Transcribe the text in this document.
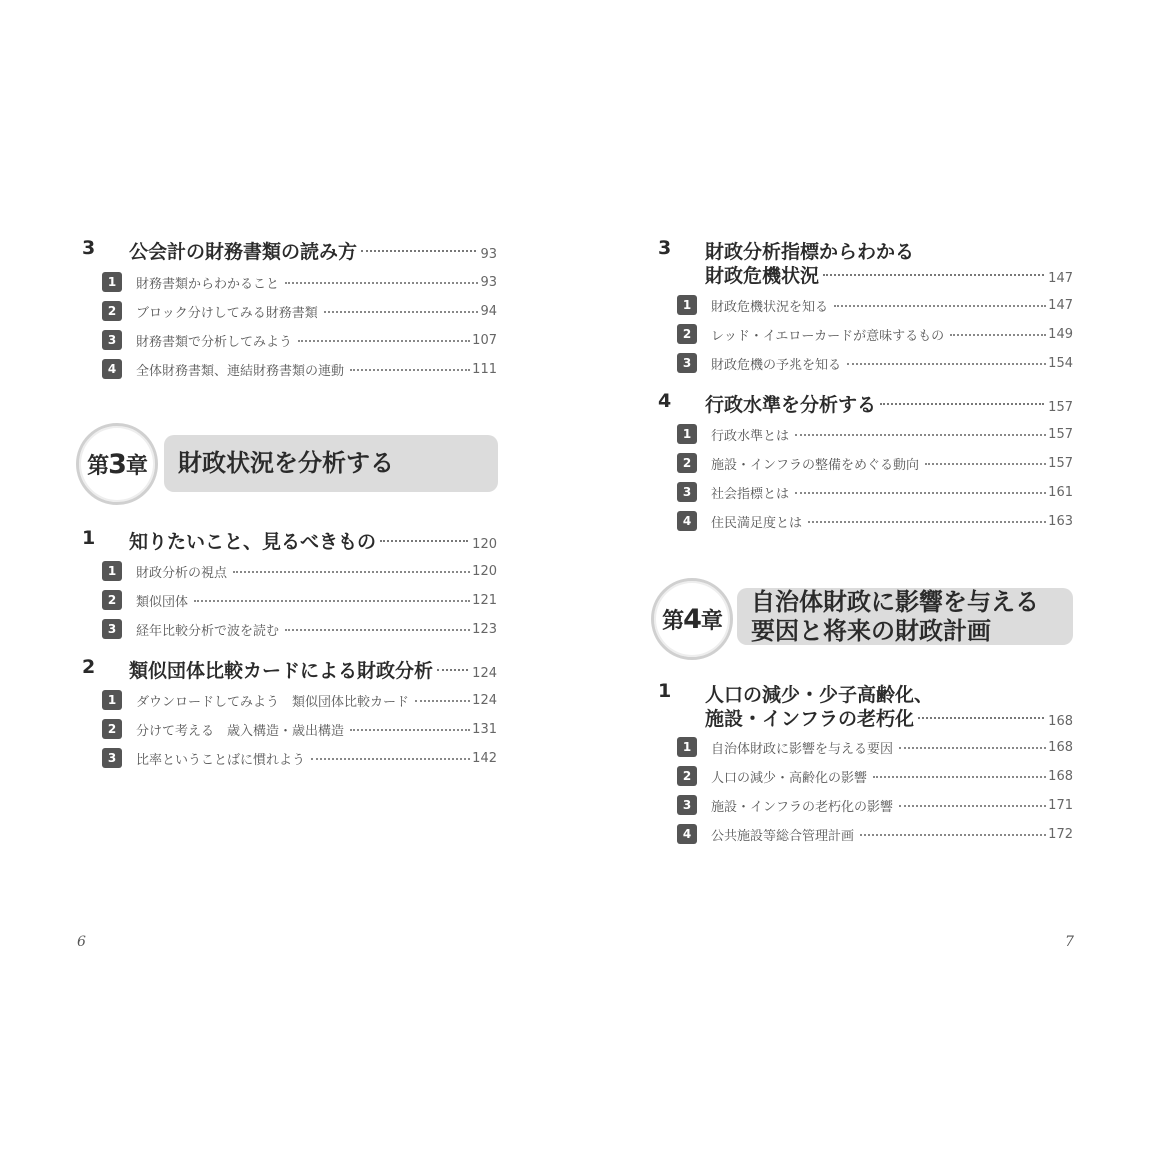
3 公会計の財務書類の読み方	93
1	財務書類からわかること	93
2	ブロック分けしてみる財務書類	94
3	財務書類で分析してみよう	107
4	全体財務書類、連結財務書類の連動	111
第3章 財政状況を分析する
1 知りたいこと、見るべきもの	120
1	財政分析の視点	120
2	類似団体	121
3	経年比較分析で波を読む	123
2 類似団体比較カードによる財政分析	124
1	ダウンロードしてみよう　類似団体比較カード	124
2	分けて考える　歳入構造・歳出構造	131
3	比率ということばに慣れよう	142
6
3 財政分析指標からわかる
財政危機状況	147
1	財政危機状況を知る	147
2	レッド・イエローカードが意味するもの	149
3	財政危機の予兆を知る	154
4 行政水準を分析する	157
1	行政水準とは	157
2	施設・インフラの整備をめぐる動向	157
3	社会指標とは	161
4	住民満足度とは	163
第4章
自治体財政に影響を与える
要因と将来の財政計画
1 人口の減少・少子高齢化、
施設・インフラの老朽化	168
1	自治体財政に影響を与える要因	168
2	人口の減少・高齢化の影響	168
3	施設・インフラの老朽化の影響	171
4	公共施設等総合管理計画	172
7
